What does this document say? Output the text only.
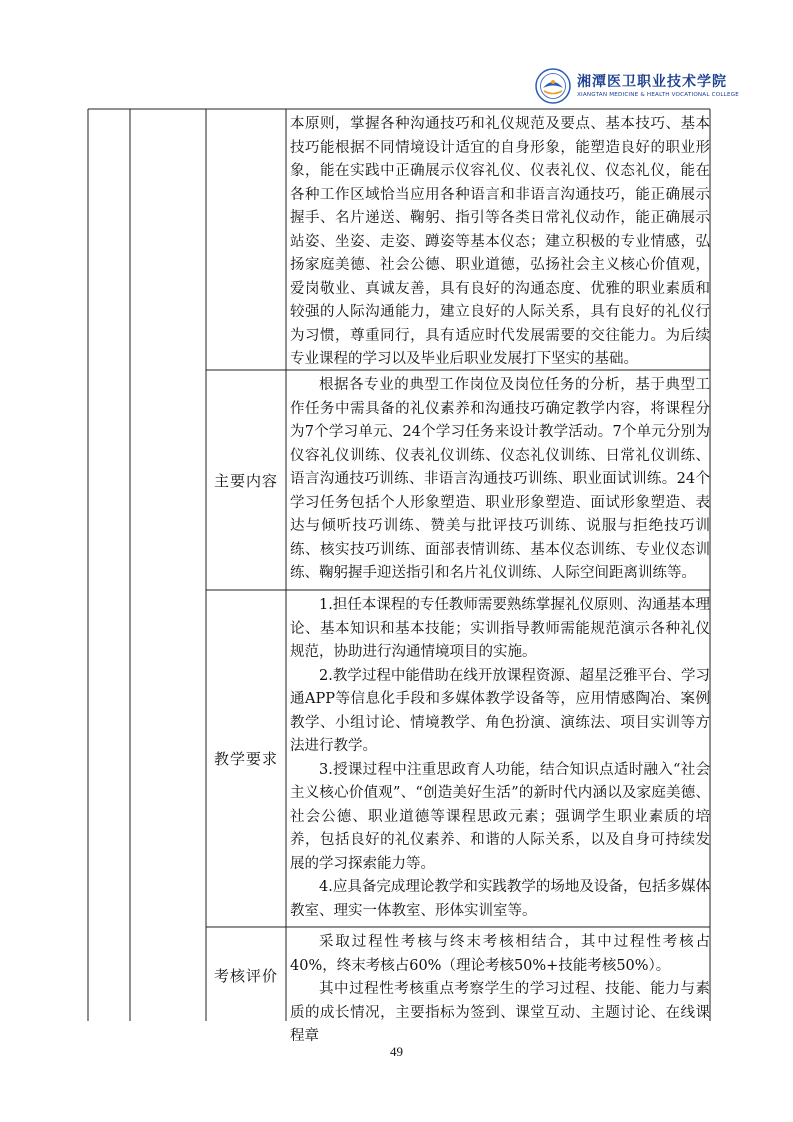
湘潭医卫职业技术学院
XIANGTAN MEDICINE & HEALTH VOCATIONAL COLLEGE

本原则，掌握各种沟通技巧和礼仪规范及要点、基本技巧、基本技巧能根据不同情境设计适宜的自身形象，能塑造良好的职业形象，能在实践中正确展示仪容礼仪、仪表礼仪、仪态礼仪，能在各种工作区域恰当应用各种语言和非语言沟通技巧，能正确展示握手、名片递送、鞠躬、指引等各类日常礼仪动作，能正确展示站姿、坐姿、走姿、蹲姿等基本仪态；建立积极的专业情感，弘扬家庭美德、社会公德、职业道德，弘扬社会主义核心价值观，爱岗敬业、真诚友善，具有良好的沟通态度、优雅的职业素质和较强的人际沟通能力，建立良好的人际关系，具有良好的礼仪行为习惯，尊重同行，具有适应时代发展需要的交往能力。为后续专业课程的学习以及毕业后职业发展打下坚实的基础。

主要内容

根据各专业的典型工作岗位及岗位任务的分析，基于典型工作任务中需具备的礼仪素养和沟通技巧确定教学内容，将课程分为7个学习单元、24个学习任务来设计教学活动。7个单元分别为仪容礼仪训练、仪表礼仪训练、仪态礼仪训练、日常礼仪训练、语言沟通技巧训练、非语言沟通技巧训练、职业面试训练。24个学习任务包括个人形象塑造、职业形象塑造、面试形象塑造、表达与倾听技巧训练、赞美与批评技巧训练、说服与拒绝技巧训练、核实技巧训练、面部表情训练、基本仪态训练、专业仪态训练、鞠躬握手迎送指引和名片礼仪训练、人际空间距离训练等。

教学要求

1.担任本课程的专任教师需要熟练掌握礼仪原则、沟通基本理论、基本知识和基本技能；实训指导教师需能规范演示各种礼仪规范，协助进行沟通情境项目的实施。

2.教学过程中能借助在线开放课程资源、超星泛雅平台、学习通APP等信息化手段和多媒体教学设备等，应用情感陶冶、案例教学、小组讨论、情境教学、角色扮演、演练法、项目实训等方法进行教学。

3.授课过程中注重思政育人功能，结合知识点适时融入“社会主义核心价值观”、“创造美好生活”的新时代内涵以及家庭美德、社会公德、职业道德等课程思政元素；强调学生职业素质的培养，包括良好的礼仪素养、和谐的人际关系，以及自身可持续发展的学习探索能力等。

4.应具备完成理论教学和实践教学的场地及设备，包括多媒体教室、理实一体教室、形体实训室等。

考核评价

采取过程性考核与终末考核相结合，其中过程性考核占40%，终末考核占60%（理论考核50%+技能考核50%）。

其中过程性考核重点考察学生的学习过程、技能、能力与素质的成长情况，主要指标为签到、课堂互动、主题讨论、在线课程章

49
